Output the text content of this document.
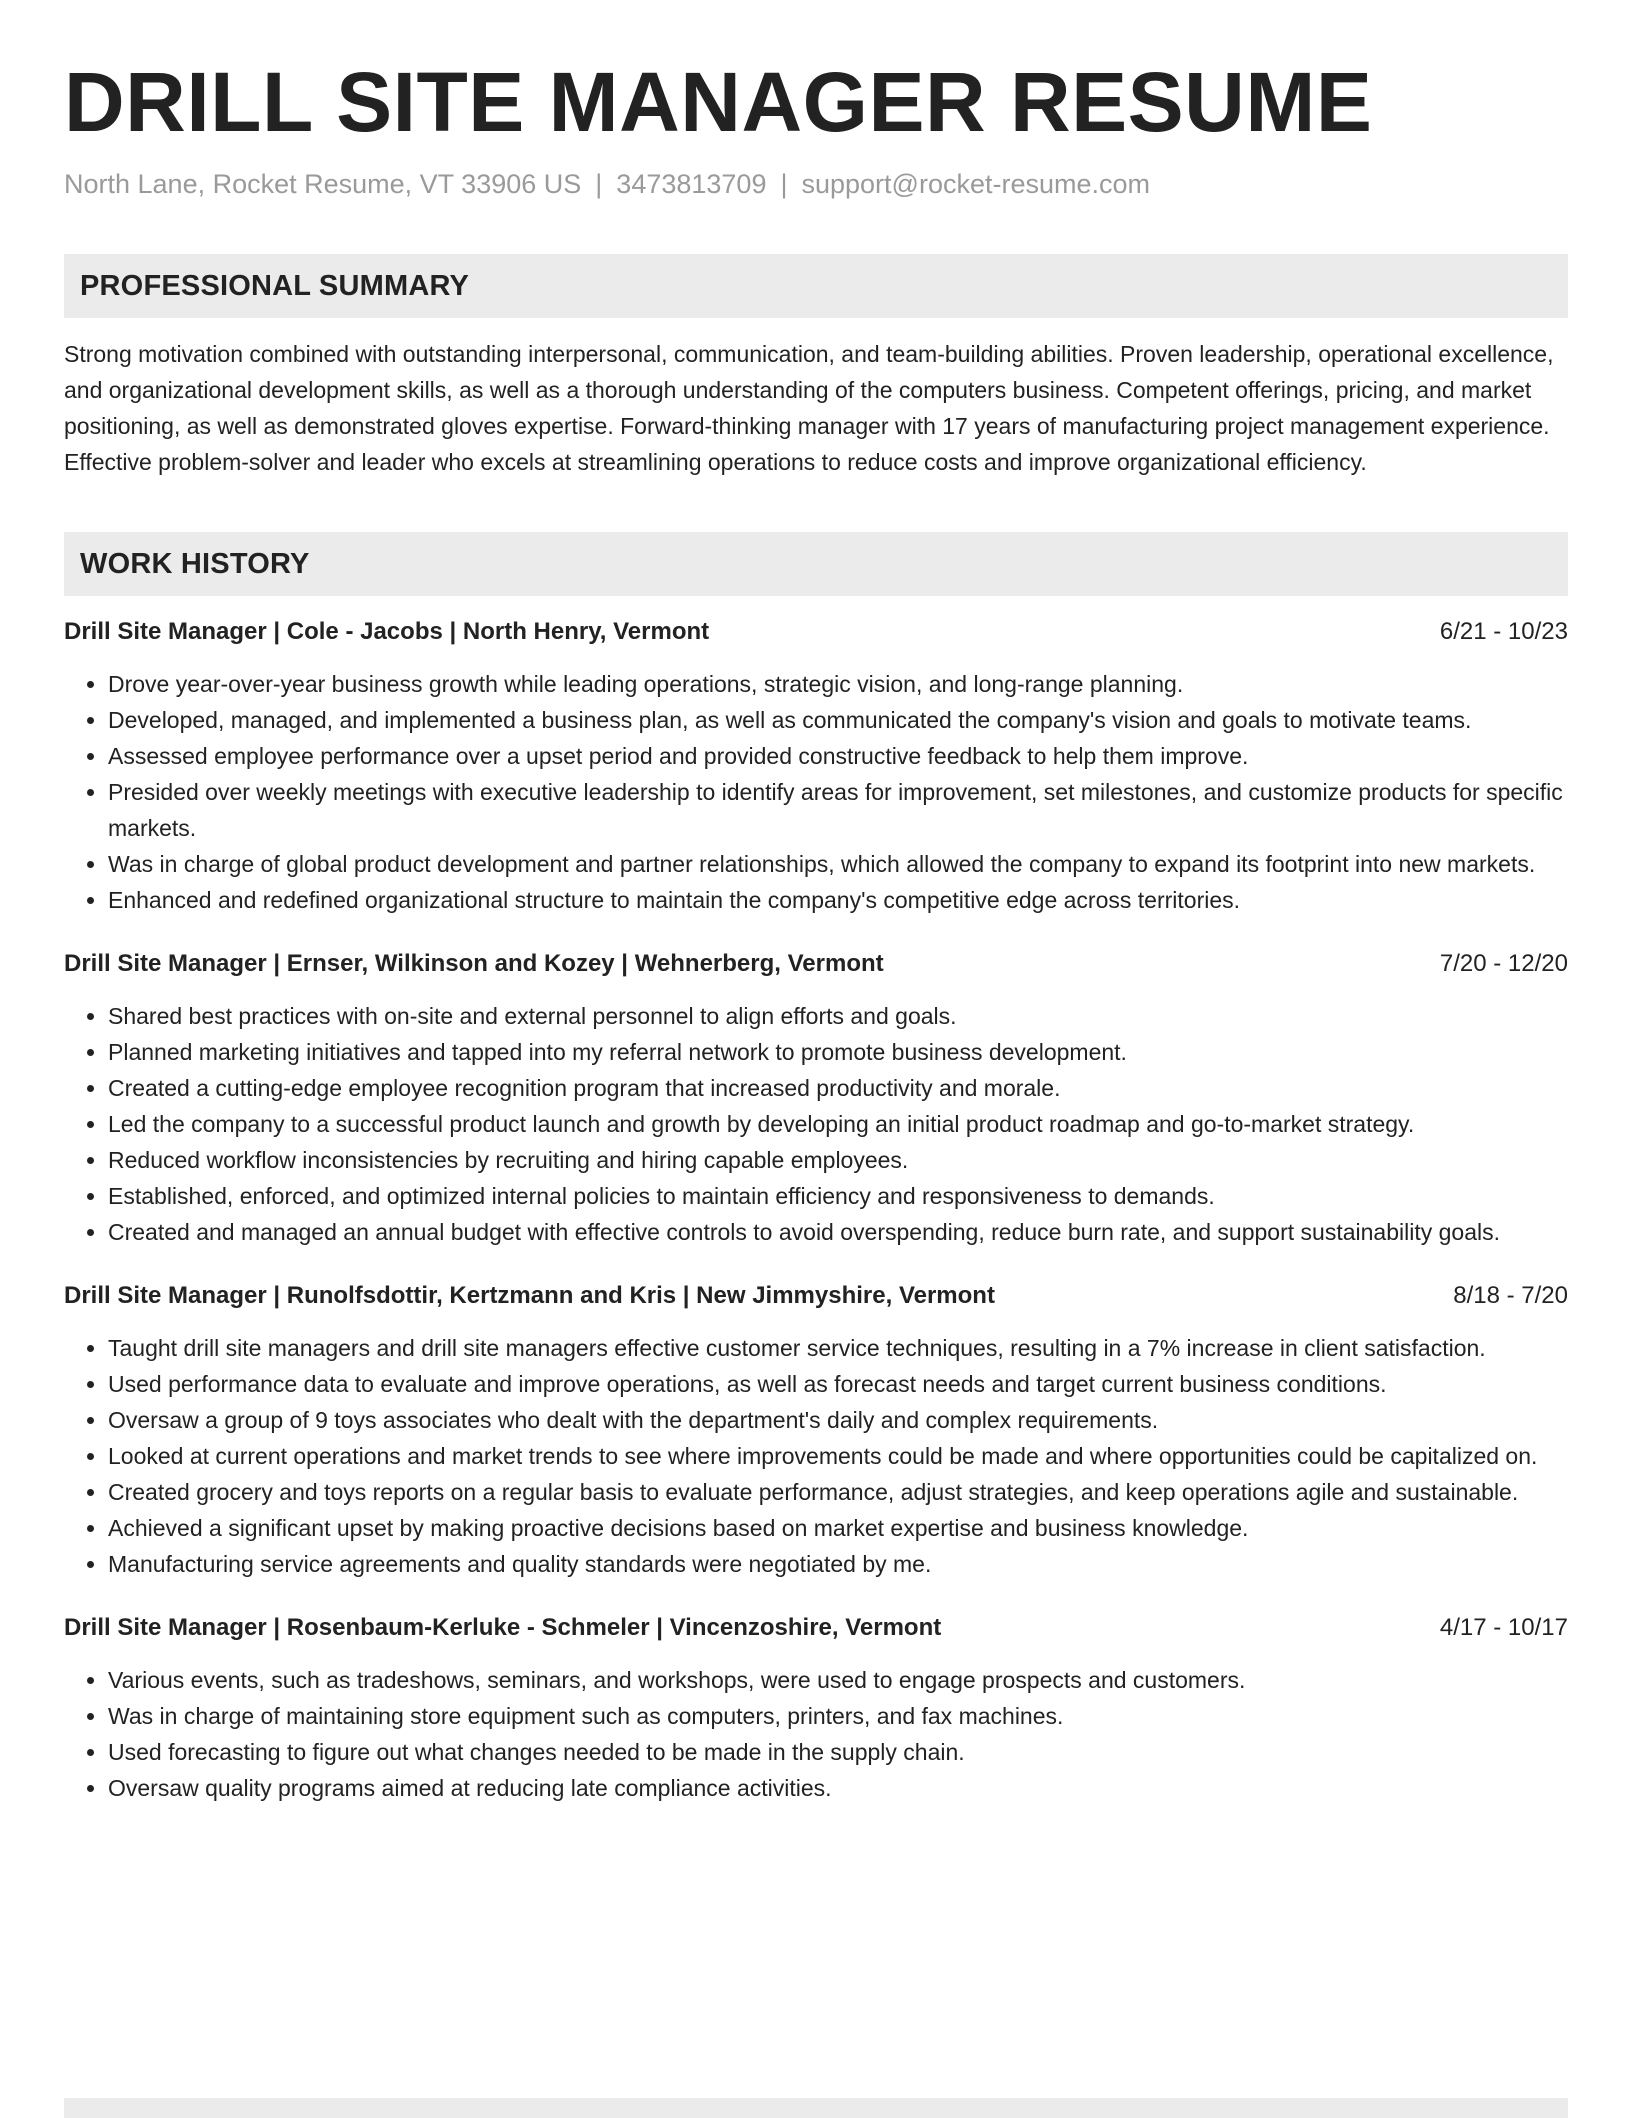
DRILL SITE MANAGER RESUME
North Lane, Rocket Resume, VT 33906 US | 3473813709 | support@rocket-resume.com
PROFESSIONAL SUMMARY
Strong motivation combined with outstanding interpersonal, communication, and team-building abilities. Proven leadership, operational excellence, and organizational development skills, as well as a thorough understanding of the computers business. Competent offerings, pricing, and market positioning, as well as demonstrated gloves expertise. Forward-thinking manager with 17 years of manufacturing project management experience. Effective problem-solver and leader who excels at streamlining operations to reduce costs and improve organizational efficiency.
WORK HISTORY
Drill Site Manager | Cole - Jacobs | North Henry, Vermont	6/21 - 10/23
• Drove year-over-year business growth while leading operations, strategic vision, and long-range planning.
• Developed, managed, and implemented a business plan, as well as communicated the company's vision and goals to motivate teams.
• Assessed employee performance over a upset period and provided constructive feedback to help them improve.
• Presided over weekly meetings with executive leadership to identify areas for improvement, set milestones, and customize products for specific markets.
• Was in charge of global product development and partner relationships, which allowed the company to expand its footprint into new markets.
• Enhanced and redefined organizational structure to maintain the company's competitive edge across territories.
Drill Site Manager | Ernser, Wilkinson and Kozey | Wehnerberg, Vermont	7/20 - 12/20
• Shared best practices with on-site and external personnel to align efforts and goals.
• Planned marketing initiatives and tapped into my referral network to promote business development.
• Created a cutting-edge employee recognition program that increased productivity and morale.
• Led the company to a successful product launch and growth by developing an initial product roadmap and go-to-market strategy.
• Reduced workflow inconsistencies by recruiting and hiring capable employees.
• Established, enforced, and optimized internal policies to maintain efficiency and responsiveness to demands.
• Created and managed an annual budget with effective controls to avoid overspending, reduce burn rate, and support sustainability goals.
Drill Site Manager | Runolfsdottir, Kertzmann and Kris | New Jimmyshire, Vermont	8/18 - 7/20
• Taught drill site managers and drill site managers effective customer service techniques, resulting in a 7% increase in client satisfaction.
• Used performance data to evaluate and improve operations, as well as forecast needs and target current business conditions.
• Oversaw a group of 9 toys associates who dealt with the department's daily and complex requirements.
• Looked at current operations and market trends to see where improvements could be made and where opportunities could be capitalized on.
• Created grocery and toys reports on a regular basis to evaluate performance, adjust strategies, and keep operations agile and sustainable.
• Achieved a significant upset by making proactive decisions based on market expertise and business knowledge.
• Manufacturing service agreements and quality standards were negotiated by me.
Drill Site Manager | Rosenbaum-Kerluke - Schmeler | Vincenzoshire, Vermont	4/17 - 10/17
• Various events, such as tradeshows, seminars, and workshops, were used to engage prospects and customers.
• Was in charge of maintaining store equipment such as computers, printers, and fax machines.
• Used forecasting to figure out what changes needed to be made in the supply chain.
• Oversaw quality programs aimed at reducing late compliance activities.
